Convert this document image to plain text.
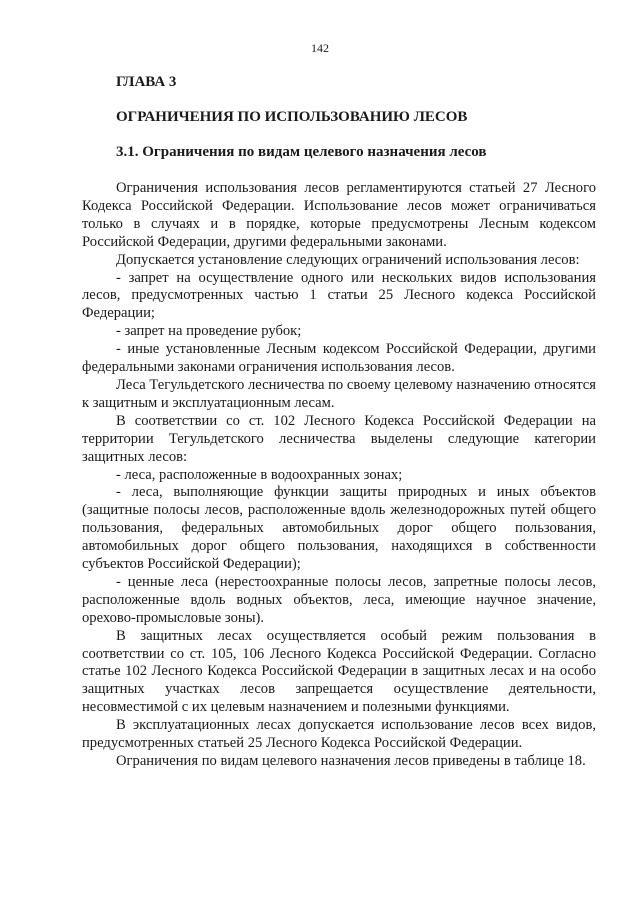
142
ГЛАВА 3
ОГРАНИЧЕНИЯ ПО ИСПОЛЬЗОВАНИЮ ЛЕСОВ
3.1. Ограничения по видам целевого назначения лесов

Ограничения использования лесов регламентируются статьей 27 Лесного Кодекса Российской Федерации. Использование лесов может ограничиваться только в случаях и в порядке, которые предусмотрены Лесным кодексом Российской Федерации, другими федеральными законами.

Допускается установление следующих ограничений использования лесов:

- запрет на осуществление одного или нескольких видов использования лесов, предусмотренных частью 1 статьи 25 Лесного кодекса Российской Федерации;

- запрет на проведение рубок;

- иные установленные Лесным кодексом Российской Федерации, другими федеральными законами ограничения использования лесов.

Леса Тегульдетского лесничества по своему целевому назначению относятся к защитным и эксплуатационным лесам.

В соответствии со ст. 102 Лесного Кодекса Российской Федерации на территории Тегульдетского лесничества выделены следующие категории защитных лесов:

- леса, расположенные в водоохранных зонах;

- леса, выполняющие функции защиты природных и иных объектов (защитные полосы лесов, расположенные вдоль железнодорожных путей общего пользования, федеральных автомобильных дорог общего пользования, автомобильных дорог общего пользования, находящихся в собственности субъектов Российской Федерации);

- ценные леса (нерестоохранные полосы лесов, запретные полосы лесов, расположенные вдоль водных объектов, леса, имеющие научное значение, орехово-промысловые зоны).

В защитных лесах осуществляется особый режим пользования в соответствии со ст. 105, 106 Лесного Кодекса Российской Федерации. Согласно статье 102 Лесного Кодекса Российской Федерации в защитных лесах и на особо защитных участках лесов запрещается осуществление деятельности, несовместимой с их целевым назначением и полезными функциями.

В эксплуатационных лесах допускается использование лесов всех видов, предусмотренных статьей 25 Лесного Кодекса Российской Федерации.

Ограничения по видам целевого назначения лесов приведены в таблице 18.
